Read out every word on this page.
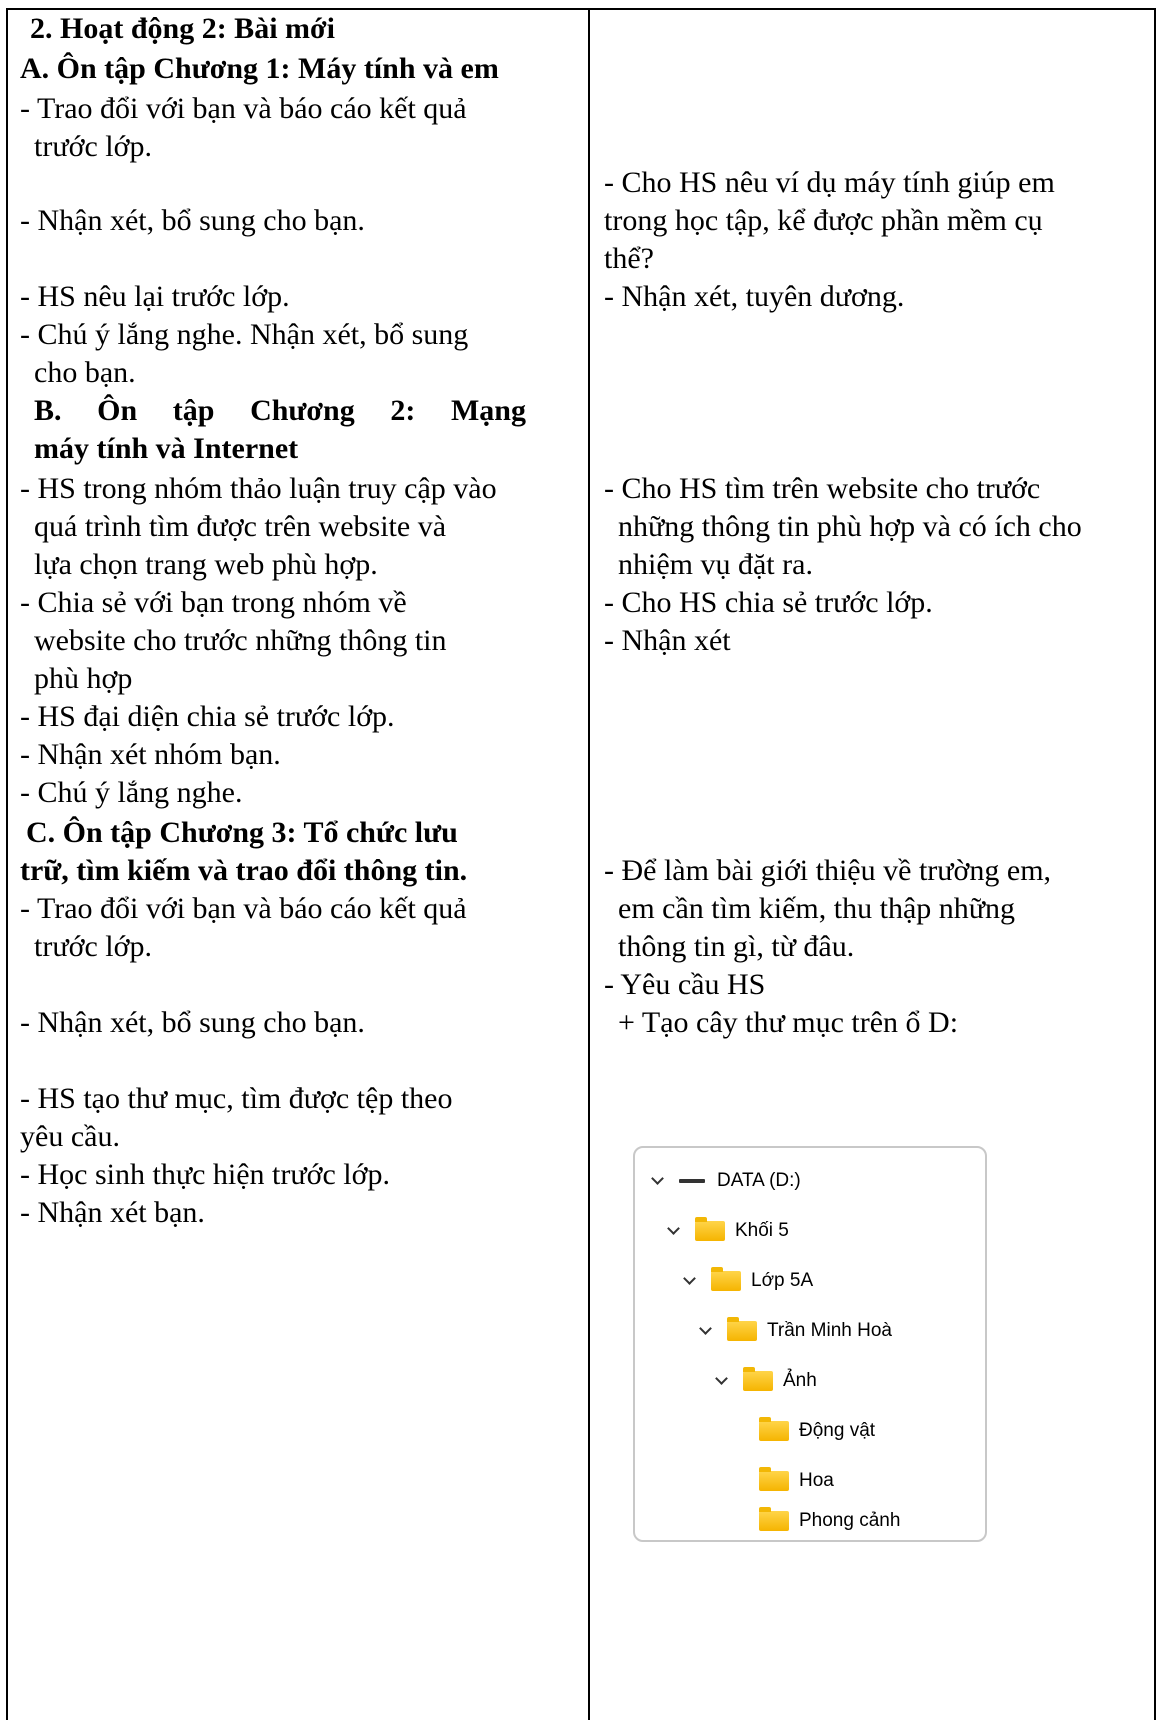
2. Hoạt động 2: Bài mới
A. Ôn tập Chương 1: Máy tính và em
- Trao đổi với bạn và báo cáo kết quả
trước lớp.
- Nhận xét, bổ sung cho bạn.
- HS nêu lại trước lớp.
- Chú ý lắng nghe. Nhận xét, bổ sung
cho bạn.
B. Ôn tập Chương 2: Mạng
máy tính và Internet
- HS trong nhóm thảo luận truy cập vào
quá trình tìm được trên website và
lựa chọn trang web phù hợp.
- Chia sẻ với bạn trong nhóm về
website cho trước những thông tin
phù hợp
- HS đại diện chia sẻ trước lớp.
- Nhận xét nhóm bạn.
- Chú ý lắng nghe.
C. Ôn tập Chương 3: Tổ chức lưu
trữ, tìm kiếm và trao đổi thông tin.
- Trao đổi với bạn và báo cáo kết quả
trước lớp.
- Nhận xét, bổ sung cho bạn.
- HS tạo thư mục, tìm được tệp theo
yêu cầu.
- Học sinh thực hiện trước lớp.
- Nhận xét bạn.
- Cho HS nêu ví dụ máy tính giúp em
trong học tập, kể được phần mềm cụ
thể?
- Nhận xét, tuyên dương.
- Cho HS tìm trên website cho trước
những thông tin phù hợp và có ích cho
nhiệm vụ đặt ra.
- Cho HS chia sẻ trước lớp.
- Nhận xét
- Để làm bài giới thiệu về trường em,
em cần tìm kiếm, thu thập những
thông tin gì, từ đâu.
- Yêu cầu HS
+ Tạo cây thư mục trên ổ D:
DATA (D:)
Khối 5
Lớp 5A
Trần Minh Hoà
Ảnh
Động vật
Hoa
Phong cảnh
